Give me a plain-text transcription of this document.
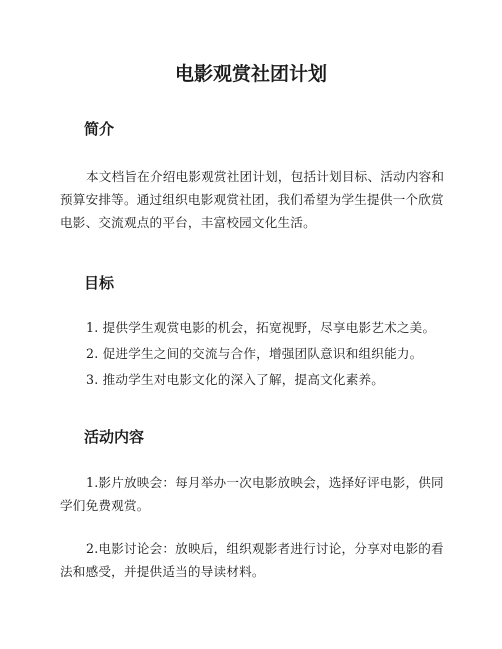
电影观赏社团计划
简介

本文档旨在介绍电影观赏社团计划，包括计划目标、活动内容和预算安排等。通过组织电影观赏社团，我们希望为学生提供一个欣赏电影、交流观点的平台，丰富校园文化生活。

目标

1. 提供学生观赏电影的机会，拓宽视野，尽享电影艺术之美。

2. 促进学生之间的交流与合作，增强团队意识和组织能力。

3. 推动学生对电影文化的深入了解，提高文化素养。

活动内容

1.影片放映会：每月举办一次电影放映会，选择好评电影，供同学们免费观赏。

2.电影讨论会：放映后，组织观影者进行讨论，分享对电影的看法和感受，并提供适当的导读材料。
